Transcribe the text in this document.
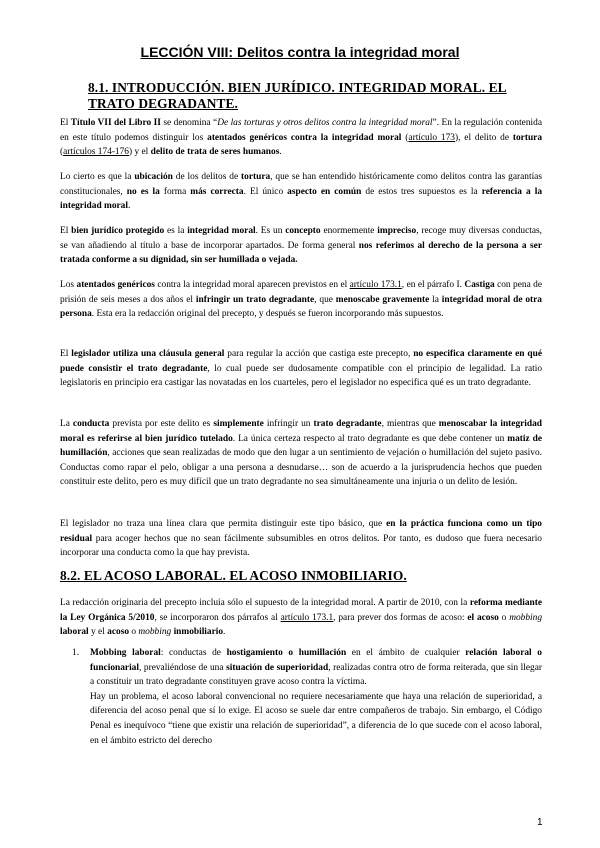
LECCIÓN VIII: Delitos contra la integridad moral
8.1. INTRODUCCIÓN. BIEN JURÍDICO. INTEGRIDAD MORAL. EL TRATO DEGRADANTE.
El Título VII del Libro II se denomina “De las torturas y otros delitos contra la integridad moral”. En la regulación contenida en este título podemos distinguir los atentados genéricos contra la integridad moral (artículo 173), el delito de tortura (artículos 174-176) y el delito de trata de seres humanos.
Lo cierto es que la ubicación de los delitos de tortura, que se han entendido históricamente como delitos contra las garantías constitucionales, no es la forma más correcta. El único aspecto en común de estos tres supuestos es la referencia a la integridad moral.
El bien jurídico protegido es la integridad moral. Es un concepto enormemente impreciso, recoge muy diversas conductas, se van añadiendo al título a base de incorporar apartados. De forma general nos referimos al derecho de la persona a ser tratada conforme a su dignidad, sin ser humillada o vejada.
Los atentados genéricos contra la integridad moral aparecen previstos en el artículo 173.1, en el párrafo I. Castiga con pena de prisión de seis meses a dos años el infringir un trato degradante, que menoscabe gravemente la integridad moral de otra persona. Esta era la redacción original del precepto, y después se fueron incorporando más supuestos.
El legislador utiliza una cláusula general para regular la acción que castiga este precepto, no especifica claramente en qué puede consistir el trato degradante, lo cual puede ser dudosamente compatible con el principio de legalidad. La ratio legislatoris en principio era castigar las novatadas en los cuarteles, pero el legislador no especifica qué es un trato degradante.
La conducta prevista por este delito es simplemente infringir un trato degradante, mientras que menoscabar la integridad moral es referirse al bien jurídico tutelado. La única certeza respecto al trato degradante es que debe contener un matiz de humillación, acciones que sean realizadas de modo que den lugar a un sentimiento de vejación o humillación del sujeto pasivo. Conductas como rapar el pelo, obligar a una persona a desnudarse… son de acuerdo a la jurisprudencia hechos que pueden constituir este delito, pero es muy difícil que un trato degradante no sea simultáneamente una injuria o un delito de lesión.
El legislador no traza una línea clara que permita distinguir este tipo básico, que en la práctica funciona como un tipo residual para acoger hechos que no sean fácilmente subsumibles en otros delitos. Por tanto, es dudoso que fuera necesario incorporar una conducta como la que hay prevista.
8.2. EL ACOSO LABORAL. EL ACOSO INMOBILIARIO.
La redacción originaria del precepto incluía sólo el supuesto de la integridad moral. A partir de 2010, con la reforma mediante la Ley Orgánica 5/2010, se incorporaron dos párrafos al artículo 173.1, para prever dos formas de acoso: el acoso o mobbing laboral y el acoso o mobbing inmobiliario.
1. Mobbing laboral: conductas de hostigamiento o humillación en el ámbito de cualquier relación laboral o funcionarial, prevaliéndose de una situación de superioridad, realizadas contra otro de forma reiterada, que sin llegar a constituir un trato degradante constituyen grave acoso contra la víctima.
Hay un problema, el acoso laboral convencional no requiere necesariamente que haya una relación de superioridad, a diferencia del acoso penal que sí lo exige. El acoso se suele dar entre compañeros de trabajo. Sin embargo, el Código Penal es inequívoco “tiene que existir una relación de superioridad”, a diferencia de lo que sucede con el acoso laboral, en el ámbito estricto del derecho
1
